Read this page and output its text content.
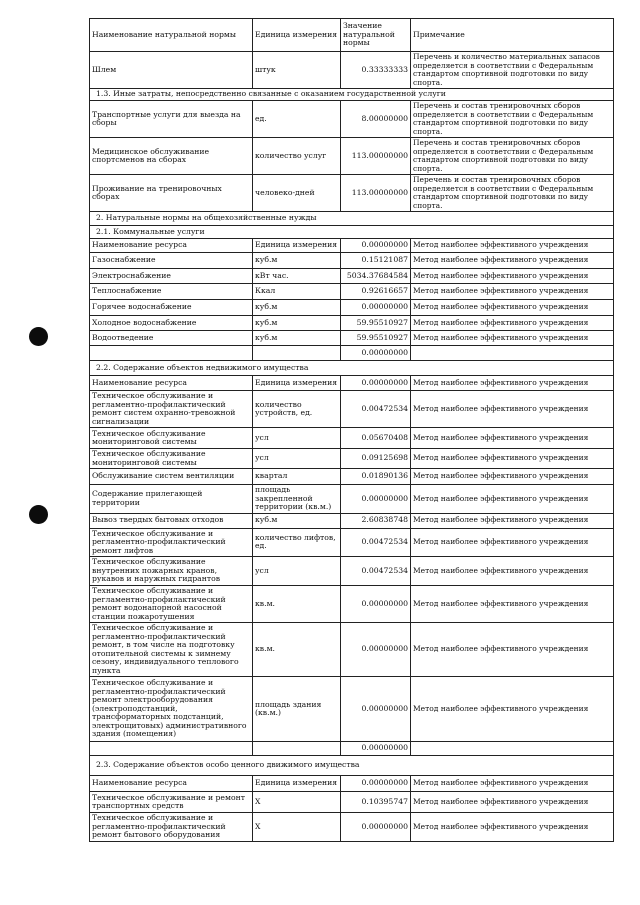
Наименование натуральной нормы	Единица измерения	Значение натуральной нормы	Примечание
Шлем	штук	0.33333333	Перечень и количество материальных запасов определяется в соответствии с Федеральным стандартом спортивной подготовки по виду спорта.
1.3. Иные затраты, непосредственно связанные с оказанием государственной услуги			
Транспортные услуги для выезда на сборы	ед.	8.00000000	Перечень и состав тренировочных сборов определяется в соответствии с Федеральным стандартом спортивной подготовки по виду спорта.
Медицинское обслуживание спортсменов на сборах	количество услуг	113.00000000	Перечень и состав тренировочных сборов определяется в соответствии с Федеральным стандартом спортивной подготовки по виду спорта.
Проживание на тренировочных сборах	человеко-дней	113.00000000	Перечень и состав тренировочных сборов определяется в соответствии с Федеральным стандартом спортивной подготовки по виду спорта.
2. Натуральные нормы на общехозяйственные нужды			
2.1. Коммунальные услуги			
Наименование ресурса	Единица измерения	0.00000000	Метод наиболее эффективного учреждения
Газоснабжение	куб.м	0.15121087	Метод наиболее эффективного учреждения
Электроснабжение	кВт час.	5034.37684584	Метод наиболее эффективного учреждения
Теплоснабжение	Ккал	0.92616657	Метод наиболее эффективного учреждения
Горячее водоснабжение	куб.м	0.00000000	Метод наиболее эффективного учреждения
Холодное водоснабжение	куб.м	59.95510927	Метод наиболее эффективного учреждения
Водоотведение	куб.м	59.95510927	Метод наиболее эффективного учреждения
		0.00000000	
2.2. Содержание объектов недвижимого имущества			
Наименование ресурса	Единица измерения	0.00000000	Метод наиболее эффективного учреждения
Техническое обслуживание и регламентно-профилактический ремонт систем охранно-тревожной сигнализации	количество устройств, ед.	0.00472534	Метод наиболее эффективного учреждения
Техническое обслуживание мониторинговой системы	усл	0.05670408	Метод наиболее эффективного учреждения
Техническое обслуживание мониторинговой системы	усл	0.09125698	Метод наиболее эффективного учреждения
Обслуживание систем вентиляции	квартал	0.01890136	Метод наиболее эффективного учреждения
Содержание прилегающей территории	площадь закрепленной территории (кв.м.)	0.00000000	Метод наиболее эффективного учреждения
Вывоз твердых бытовых отходов	куб.м	2.60838748	Метод наиболее эффективного учреждения
Техническое обслуживание и регламентно-профилактический ремонт лифтов	количество лифтов, ед.	0.00472534	Метод наиболее эффективного учреждения
Техническое обслуживание внутренних пожарных кранов, рукавов и наружных гидрантов	усл	0.00472534	Метод наиболее эффективного учреждения
Техническое обслуживание и регламентно-профилактический ремонт водонапорной насосной станции пожаротушения	кв.м.	0.00000000	Метод наиболее эффективного учреждения
Техническое обслуживание и регламентно-профилактический ремонт, в том числе на подготовку отопительной системы к зимнему сезону, индивидуального теплового пункта	кв.м.	0.00000000	Метод наиболее эффективного учреждения
Техническое обслуживание и регламентно-профилактический ремонт электрооборудования (электроподстанций, трансформаторных подстанций, электрощитовых) административного здания (помещения)	площадь здания (кв.м.)	0.00000000	Метод наиболее эффективного учреждения
		0.00000000	
2.3. Содержание объектов особо ценного движимого имущества			
Наименование ресурса	Единица измерения	0.00000000	Метод наиболее эффективного учреждения
Техническое обслуживание и ремонт транспортных средств	Х	0.10395747	Метод наиболее эффективного учреждения
Техническое обслуживание и регламентно-профилактический ремонт бытового оборудования	Х	0.00000000	Метод наиболее эффективного учреждения
